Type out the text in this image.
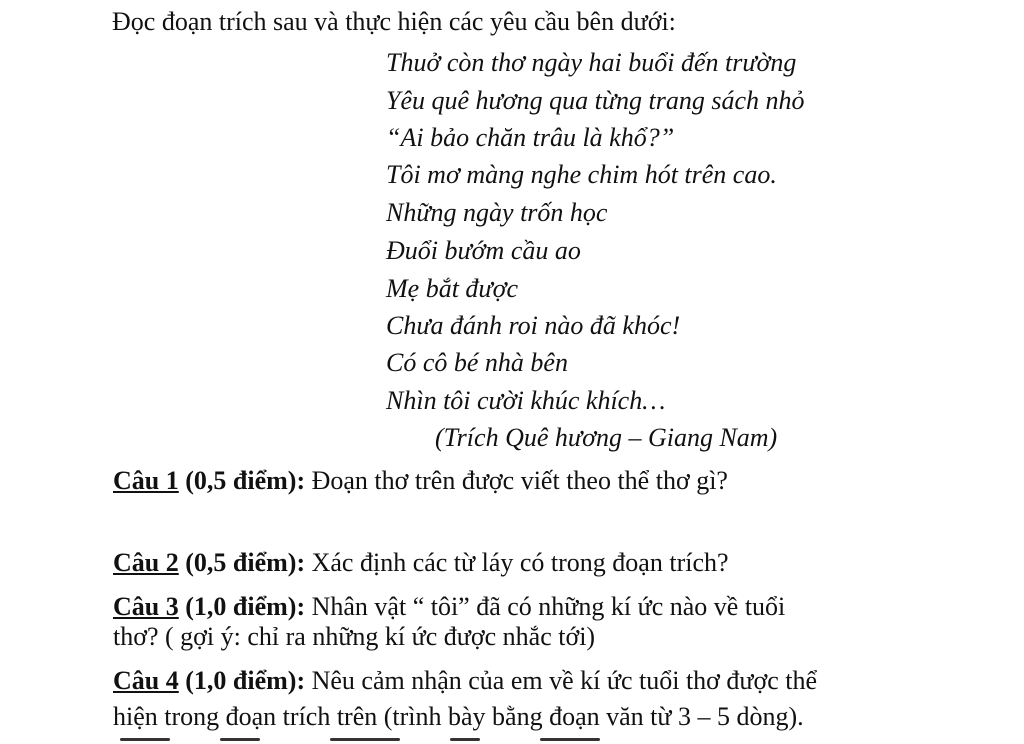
Đọc đoạn trích sau và thực hiện các yêu cầu bên dưới:
Thuở còn thơ ngày hai buổi đến trường
Yêu quê hương qua từng trang sách nhỏ
“Ai bảo chăn trâu là khổ?”
Tôi mơ màng nghe chim hót trên cao.
Những ngày trốn học
Đuổi bướm cầu ao
Mẹ bắt được
Chưa đánh roi nào đã khóc!
Có cô bé nhà bên
Nhìn tôi cười khúc khích…
(Trích Quê hương – Giang Nam)
Câu 1 (0,5 điểm): Đoạn thơ trên được viết theo thể thơ gì?
Câu 2 (0,5 điểm): Xác định các từ láy có trong đoạn trích?
Câu 3 (1,0 điểm): Nhân vật “ tôi” đã có những kí ức nào về tuổi
thơ? ( gợi ý: chỉ ra những kí ức được nhắc tới)
Câu 4 (1,0 điểm): Nêu cảm nhận của em về kí ức tuổi thơ được thể
hiện trong đoạn trích trên (trình bày bằng đoạn văn từ 3 – 5 dòng).
